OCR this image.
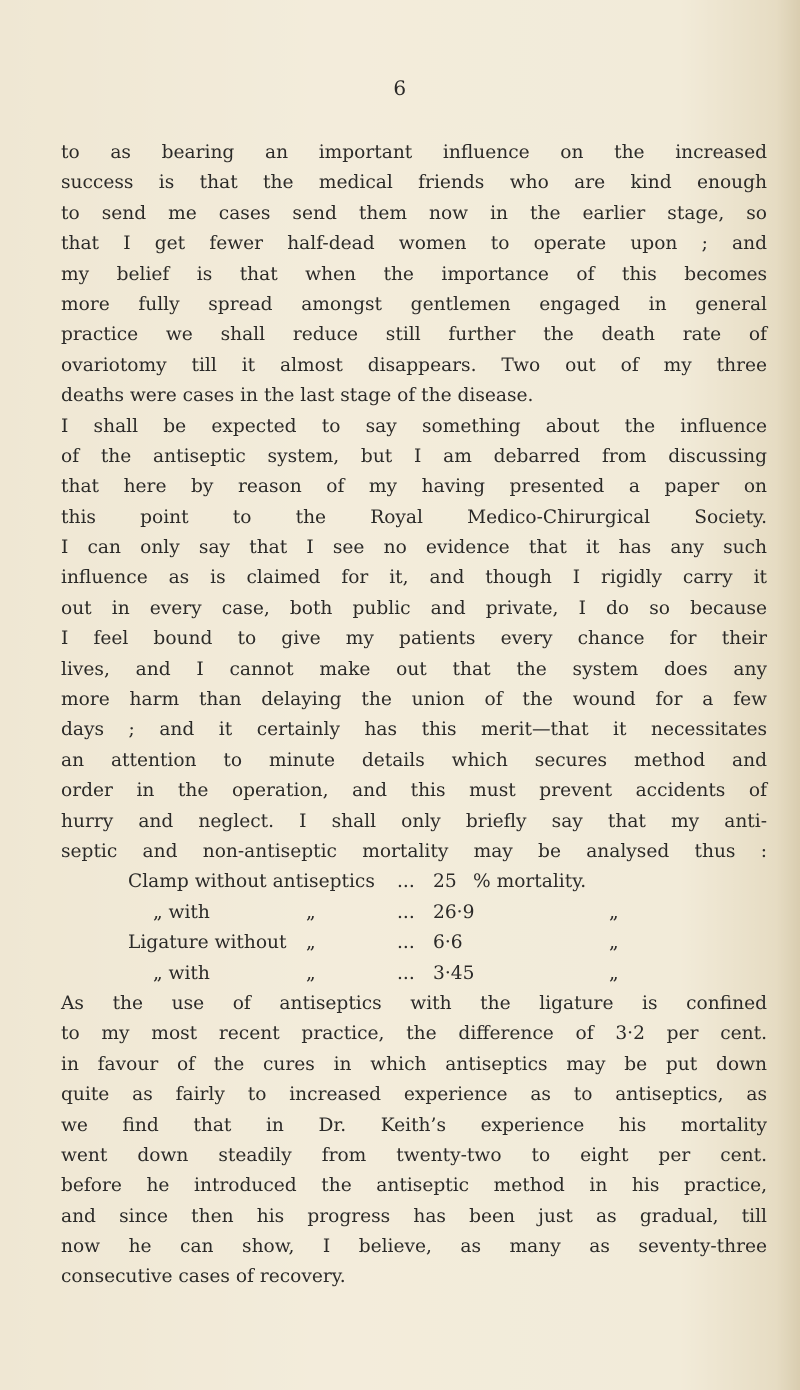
6
to as bearing an important influence on the increased
success is that the medical friends who are kind enough
to send me cases send them now in the earlier stage, so
that I get fewer half-dead women to operate upon ; and
my belief is that when the importance of this becomes
more fully spread amongst gentlemen engaged in general
practice we shall reduce still further the death rate of
ovariotomy till it almost disappears. Two out of my three
deaths were cases in the last stage of the disease.
I shall be expected to say something about the influence
of the antiseptic system, but I am debarred from discussing
that here by reason of my having presented a paper on
this point to the Royal Medico-Chirurgical Society.
I can only say that I see no evidence that it has any such
influence as is claimed for it, and though I rigidly carry it
out in every case, both public and private, I do so because
I feel bound to give my patients every chance for their
lives, and I cannot make out that the system does any
more harm than delaying the union of the wound for a few
days ; and it certainly has this merit—that it necessitates
an attention to minute details which secures method and
order in the operation, and this must prevent accidents of
hurry and neglect. I shall only briefly say that my anti-
septic and non-antiseptic mortality may be analysed thus :
Clamp without antiseptics ... 25 % mortality.
„ with	„	... 26·9	„
Ligature without „	... 6·6	„
„ with	„	... 3·45	„
As the use of antiseptics with the ligature is confined
to my most recent practice, the difference of 3·2 per cent.
in favour of the cures in which antiseptics may be put down
quite as fairly to increased experience as to antiseptics, as
we find that in Dr. Keith’s experience his mortality
went down steadily from twenty-two to eight per cent.
before he introduced the antiseptic method in his practice,
and since then his progress has been just as gradual, till
now he can show, I believe, as many as seventy-three
consecutive cases of recovery.
